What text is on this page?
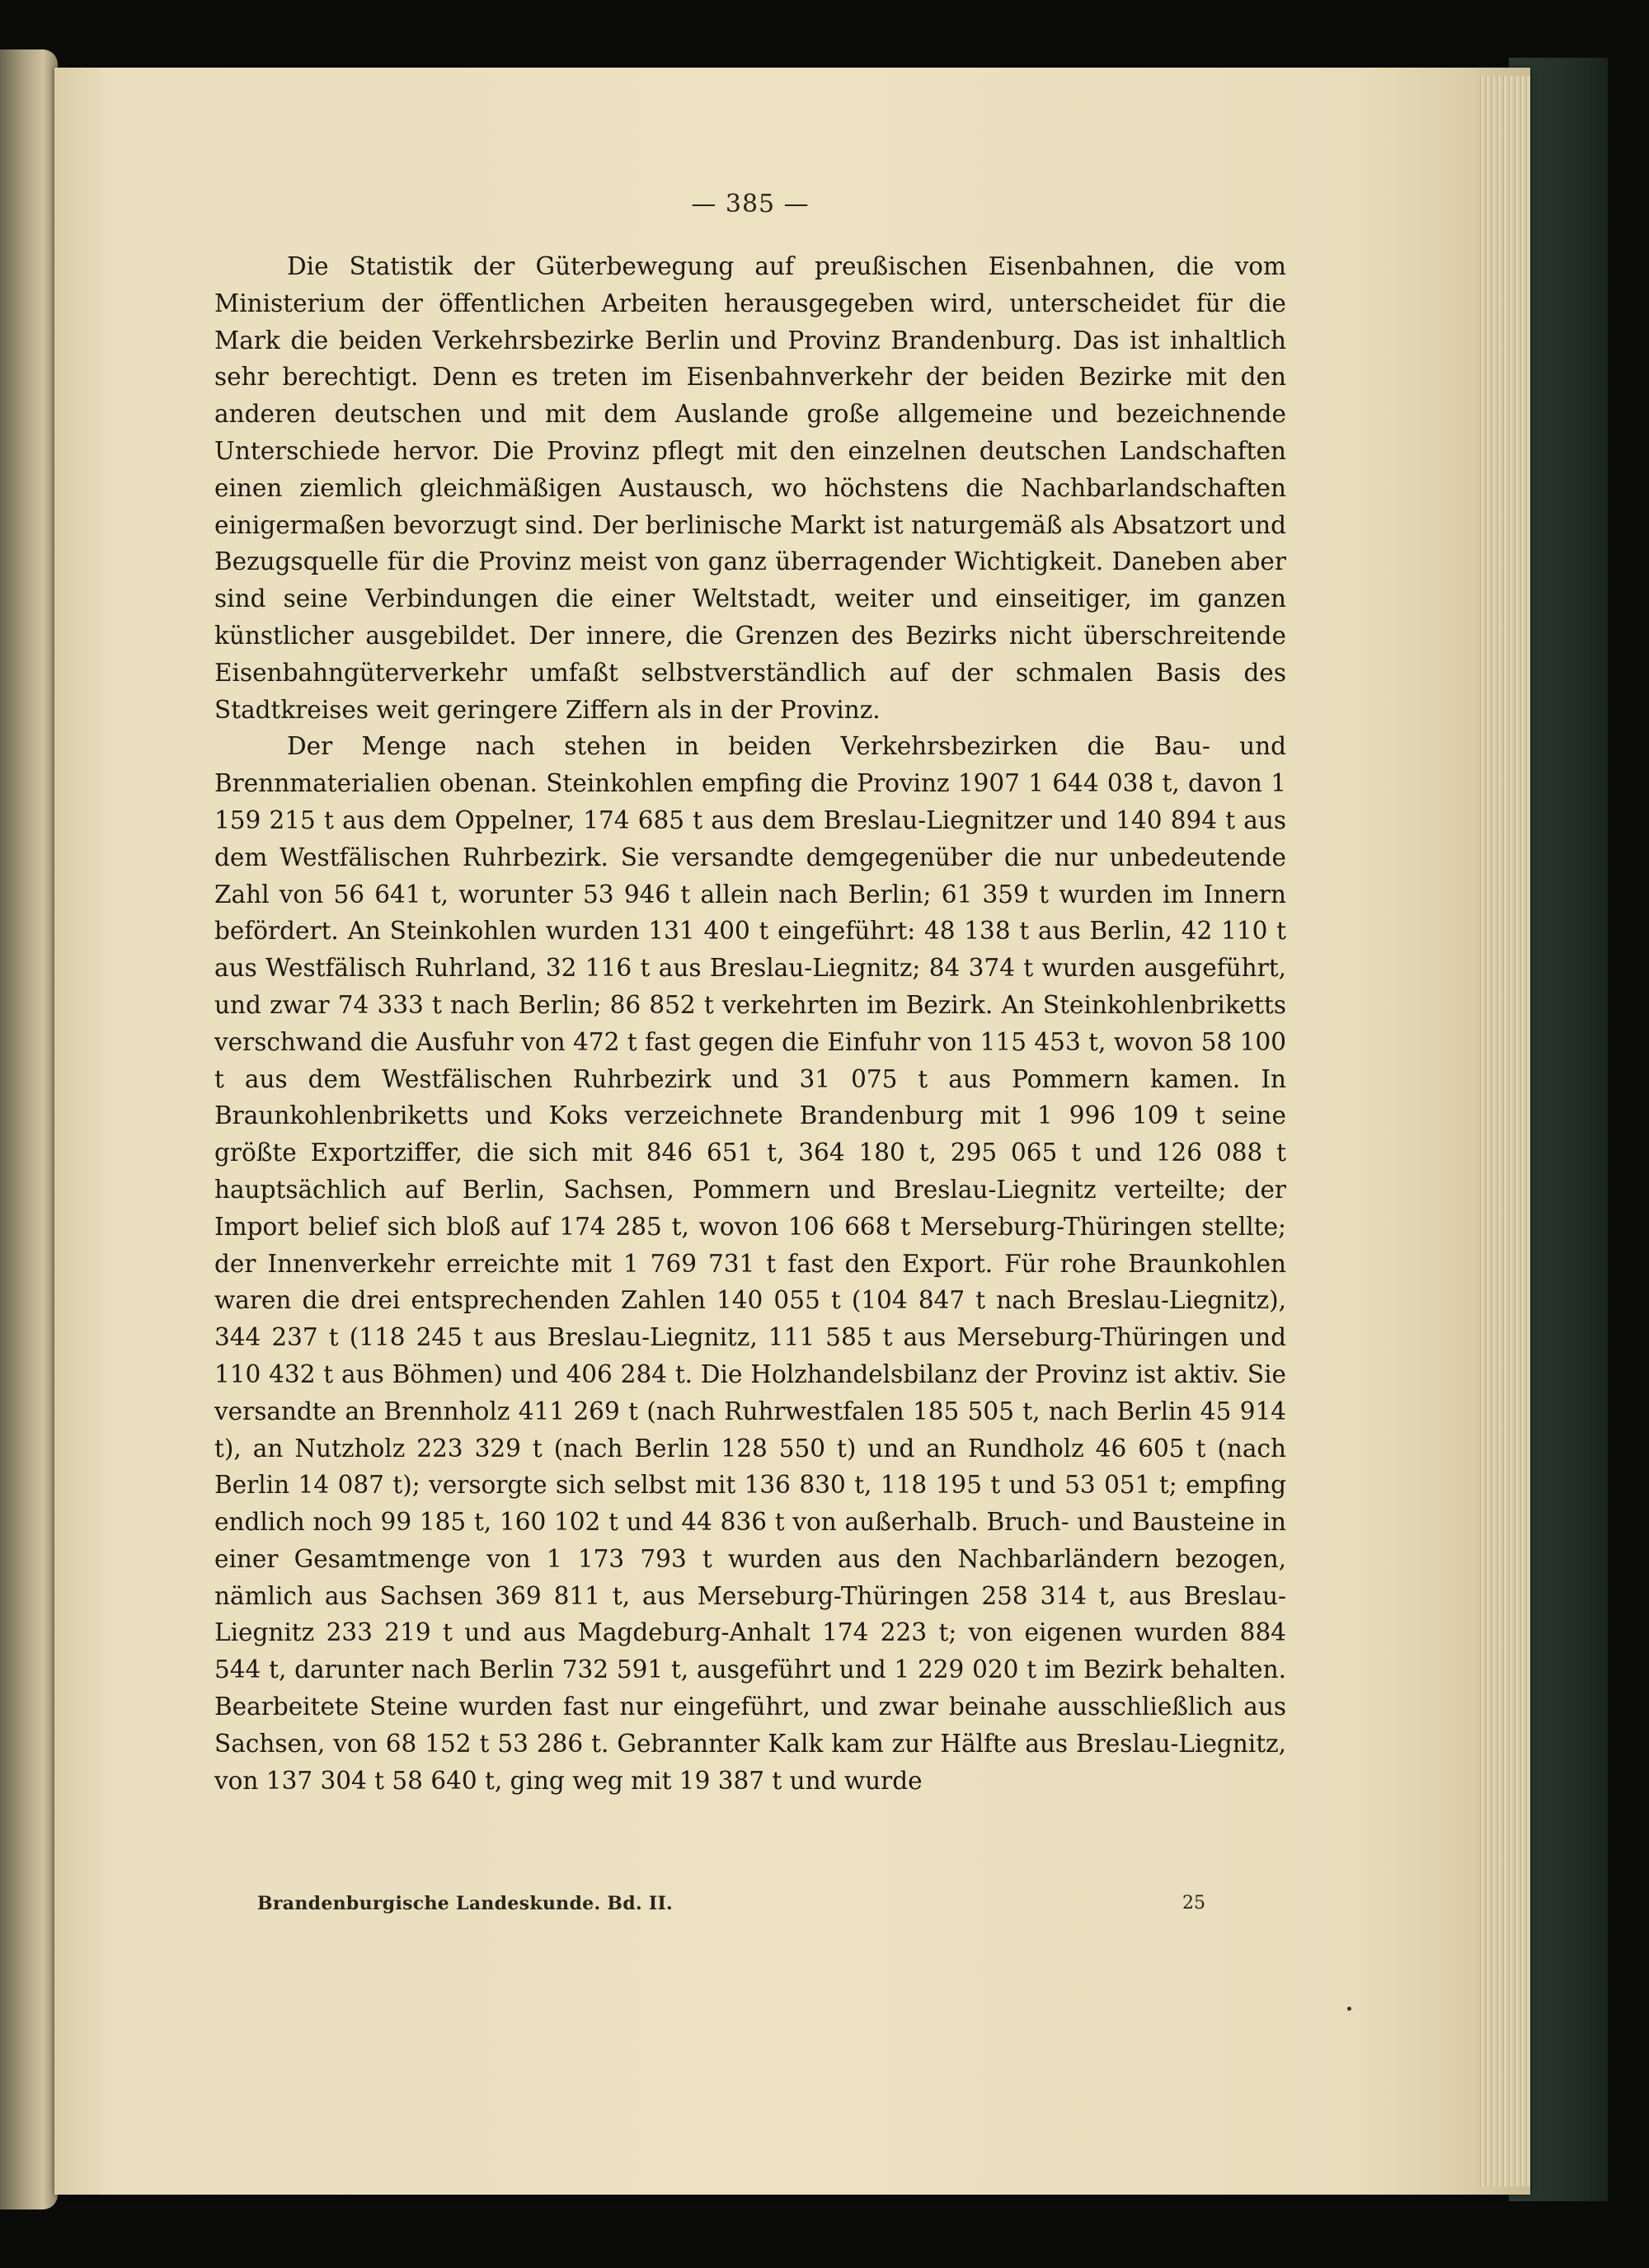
— 385 —

Die Statistik der Güterbewegung auf preußischen Eisenbahnen, die vom Ministerium der öffentlichen Arbeiten herausgegeben wird, unterscheidet für die Mark die beiden Verkehrsbezirke Berlin und Provinz Brandenburg. Das ist inhaltlich sehr berechtigt. Denn es treten im Eisenbahnverkehr der beiden Bezirke mit den anderen deutschen und mit dem Auslande große allgemeine und bezeichnende Unterschiede hervor. Die Provinz pflegt mit den einzelnen deutschen Landschaften einen ziemlich gleichmäßigen Austausch, wo höchstens die Nachbarlandschaften einigermaßen bevorzugt sind. Der berlinische Markt ist naturgemäß als Absatzort und Bezugsquelle für die Provinz meist von ganz überragender Wichtigkeit. Daneben aber sind seine Verbindungen die einer Weltstadt, weiter und einseitiger, im ganzen künstlicher ausgebildet. Der innere, die Grenzen des Bezirks nicht überschreitende Eisenbahngüterverkehr umfaßt selbstverständlich auf der schmalen Basis des Stadtkreises weit geringere Ziffern als in der Provinz.

Der Menge nach stehen in beiden Verkehrsbezirken die Bau- und Brennmaterialien obenan. Steinkohlen empfing die Provinz 1907 1 644 038 t, davon 1 159 215 t aus dem Oppelner, 174 685 t aus dem Breslau-Liegnitzer und 140 894 t aus dem Westfälischen Ruhrbezirk. Sie versandte demgegenüber die nur unbedeutende Zahl von 56 641 t, worunter 53 946 t allein nach Berlin; 61 359 t wurden im Innern befördert. An Steinkohlen wurden 131 400 t eingeführt: 48 138 t aus Berlin, 42 110 t aus Westfälisch Ruhrland, 32 116 t aus Breslau-Liegnitz; 84 374 t wurden ausgeführt, und zwar 74 333 t nach Berlin; 86 852 t verkehrten im Bezirk. An Steinkohlenbriketts verschwand die Ausfuhr von 472 t fast gegen die Einfuhr von 115 453 t, wovon 58 100 t aus dem Westfälischen Ruhrbezirk und 31 075 t aus Pommern kamen. In Braunkohlenbriketts und Koks verzeichnete Brandenburg mit 1 996 109 t seine größte Exportziffer, die sich mit 846 651 t, 364 180 t, 295 065 t und 126 088 t hauptsächlich auf Berlin, Sachsen, Pommern und Breslau-Liegnitz verteilte; der Import belief sich bloß auf 174 285 t, wovon 106 668 t Merseburg-Thüringen stellte; der Innenverkehr erreichte mit 1 769 731 t fast den Export. Für rohe Braunkohlen waren die drei entsprechenden Zahlen 140 055 t (104 847 t nach Breslau-Liegnitz), 344 237 t (118 245 t aus Breslau-Liegnitz, 111 585 t aus Merseburg-Thüringen und 110 432 t aus Böhmen) und 406 284 t. Die Holzhandelsbilanz der Provinz ist aktiv. Sie versandte an Brennholz 411 269 t (nach Ruhrwestfalen 185 505 t, nach Berlin 45 914 t), an Nutzholz 223 329 t (nach Berlin 128 550 t) und an Rundholz 46 605 t (nach Berlin 14 087 t); versorgte sich selbst mit 136 830 t, 118 195 t und 53 051 t; empfing endlich noch 99 185 t, 160 102 t und 44 836 t von außerhalb. Bruch- und Bausteine in einer Gesamtmenge von 1 173 793 t wurden aus den Nachbarländern bezogen, nämlich aus Sachsen 369 811 t, aus Merseburg-Thüringen 258 314 t, aus Breslau-Liegnitz 233 219 t und aus Magdeburg-Anhalt 174 223 t; von eigenen wurden 884 544 t, darunter nach Berlin 732 591 t, ausgeführt und 1 229 020 t im Bezirk behalten. Bearbeitete Steine wurden fast nur eingeführt, und zwar beinahe ausschließlich aus Sachsen, von 68 152 t 53 286 t. Gebrannter Kalk kam zur Hälfte aus Breslau-Liegnitz, von 137 304 t 58 640 t, ging weg mit 19 387 t und wurde

Brandenburgische Landeskunde. Bd. II.	25
